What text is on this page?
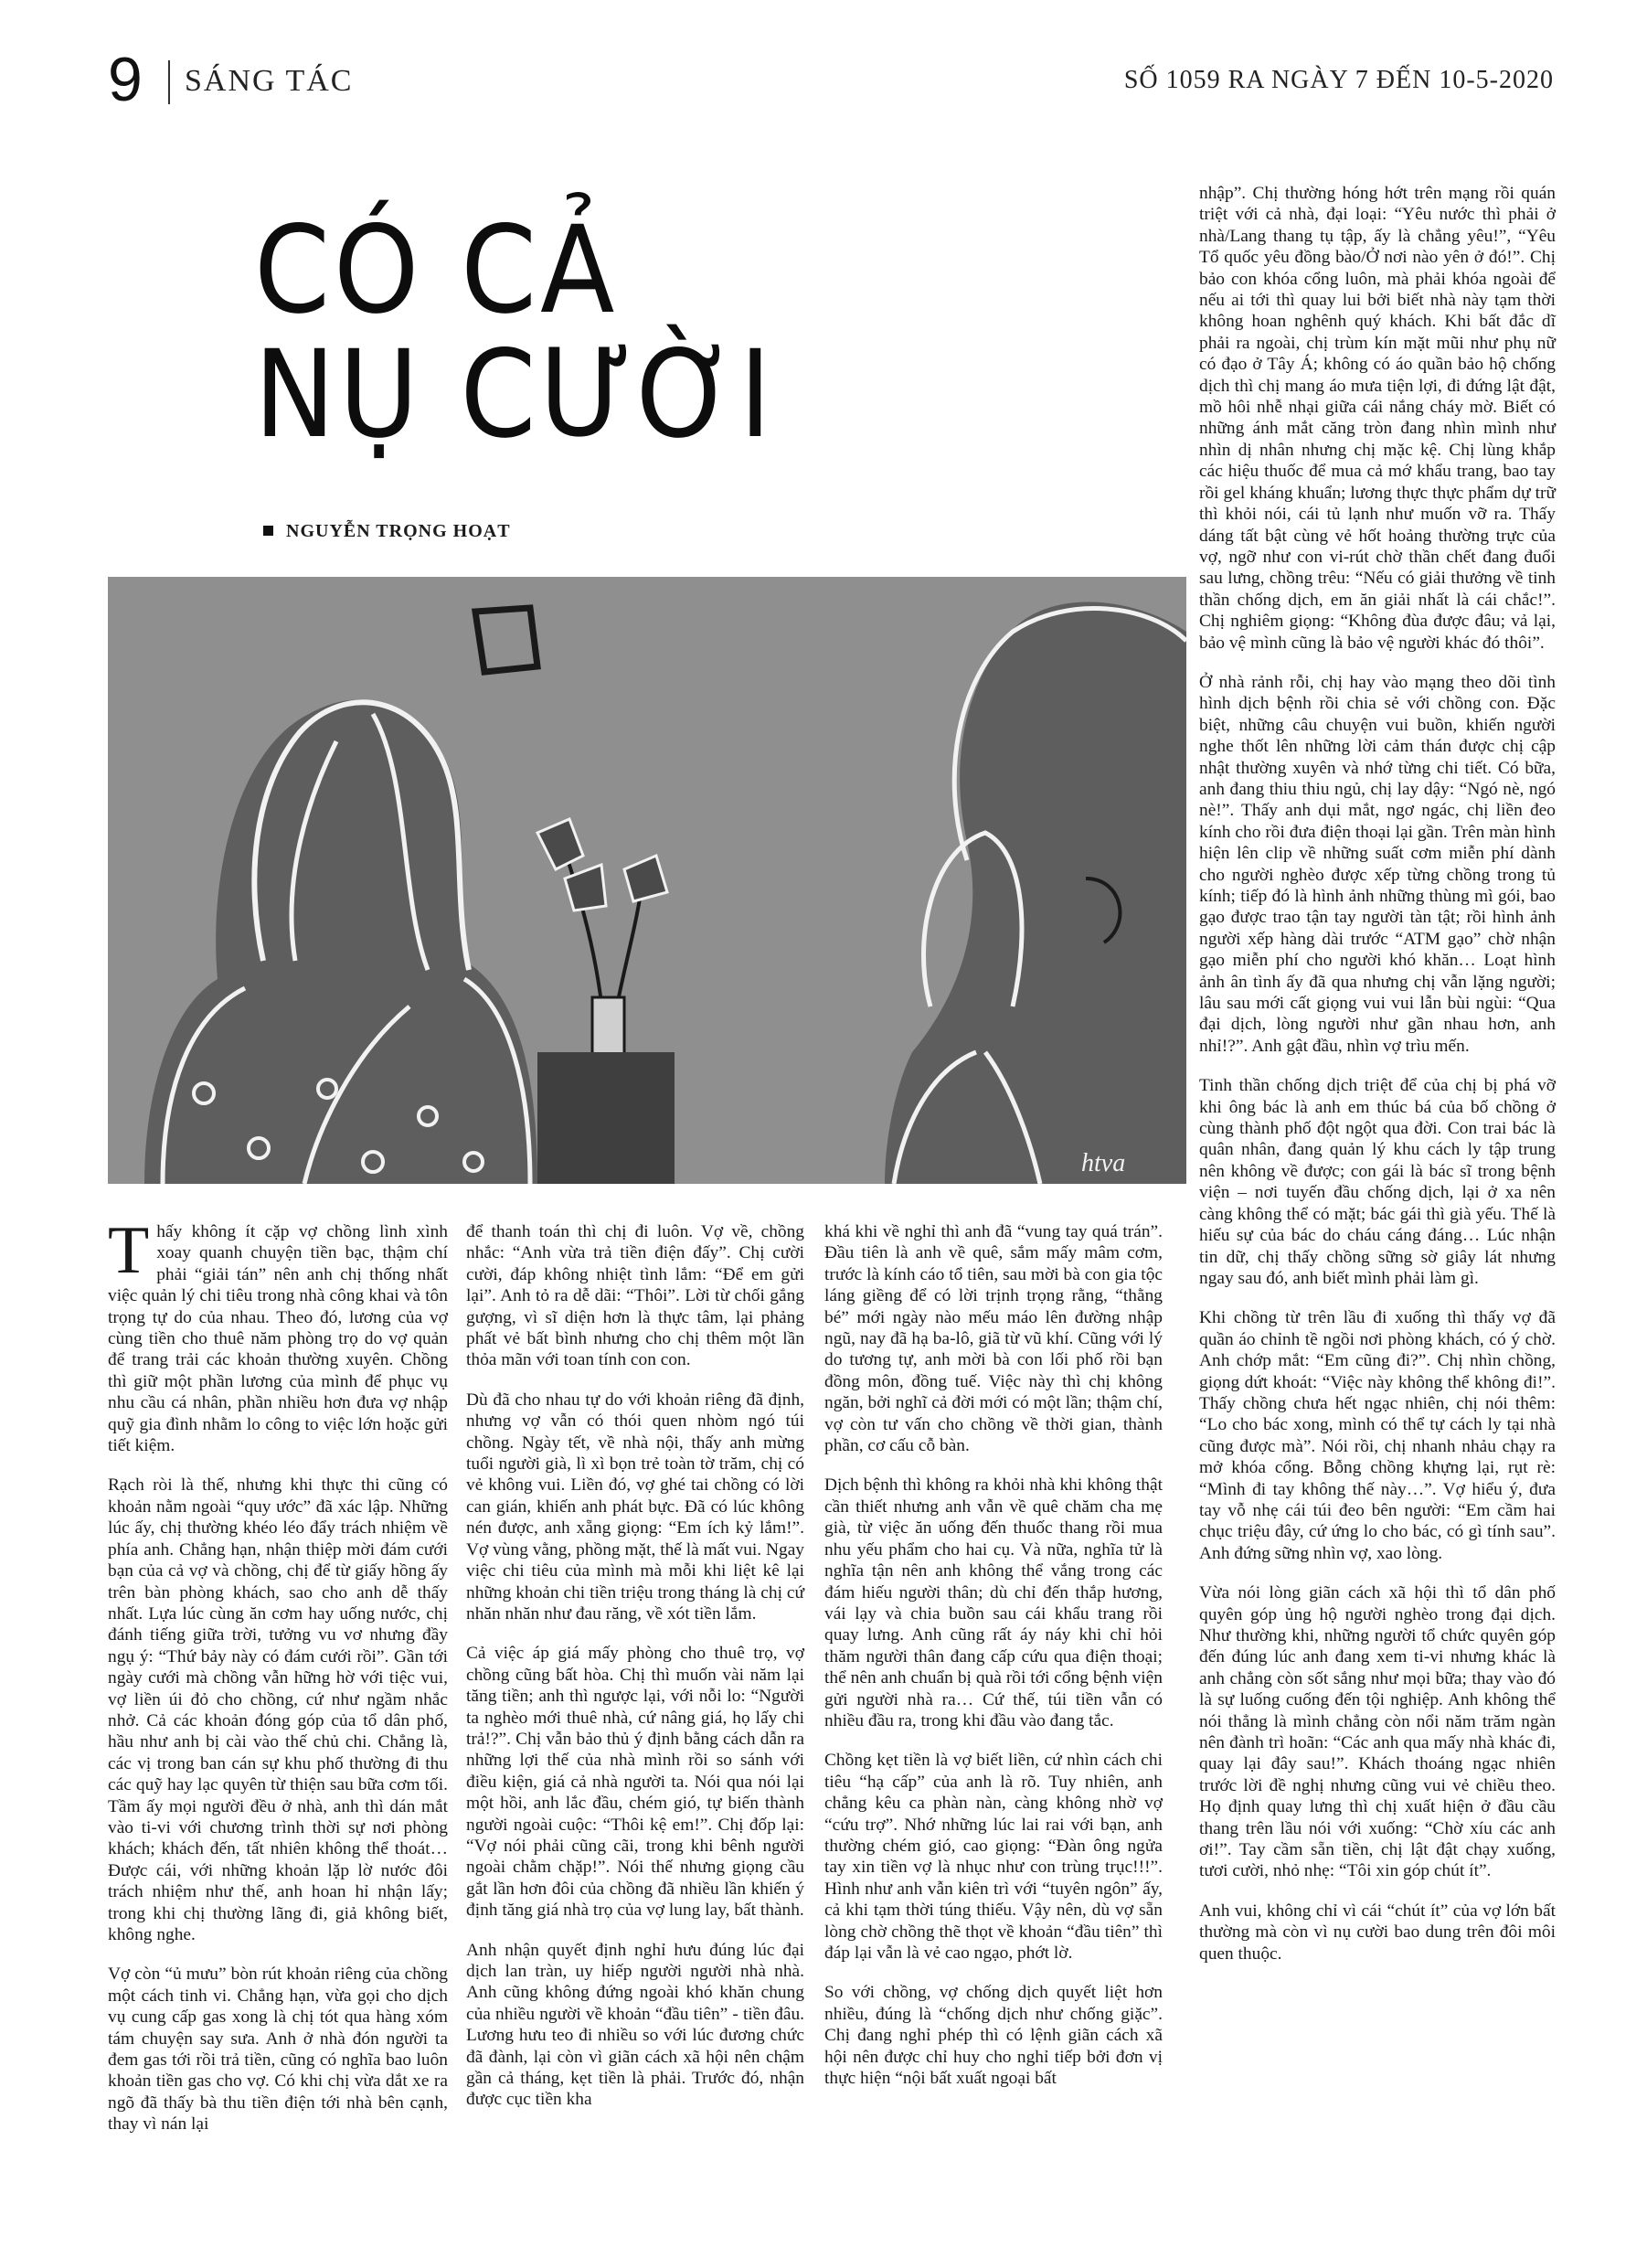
9 SÁNG TÁC	SỐ 1059 RA NGÀY 7 ĐẾN 10-5-2020
CÓ CẢ
NỤ CƯỜI
NGUYỄN TRỌNG HOẠT
htva

Thấy không ít cặp vợ chồng lình xình xoay quanh chuyện tiền bạc, thậm chí phải “giải tán” nên anh chị thống nhất việc quản lý chi tiêu trong nhà công khai và tôn trọng tự do của nhau. Theo đó, lương của vợ cùng tiền cho thuê năm phòng trọ do vợ quản để trang trải các khoản thường xuyên. Chồng thì giữ một phần lương của mình để phục vụ nhu cầu cá nhân, phần nhiều hơn đưa vợ nhập quỹ gia đình nhằm lo công to việc lớn hoặc gửi tiết kiệm.

Rạch ròi là thế, nhưng khi thực thi cũng có khoản nằm ngoài “quy ước” đã xác lập. Những lúc ấy, chị thường khéo léo đẩy trách nhiệm về phía anh. Chẳng hạn, nhận thiệp mời đám cưới bạn của cả vợ và chồng, chị để từ giấy hồng ấy trên bàn phòng khách, sao cho anh dễ thấy nhất. Lựa lúc cùng ăn cơm hay uống nước, chị đánh tiếng giữa trời, tưởng vu vơ nhưng đầy ngụ ý: “Thứ bảy này có đám cưới rồi”. Gần tới ngày cưới mà chồng vẫn hững hờ với tiệc vui, vợ liền úi đỏ cho chồng, cứ như ngầm nhắc nhở. Cả các khoản đóng góp của tổ dân phố, hầu như anh bị cài vào thế chủ chi. Chẳng là, các vị trong ban cán sự khu phố thường đi thu các quỹ hay lạc quyên từ thiện sau bữa cơm tối. Tầm ấy mọi người đều ở nhà, anh thì dán mắt vào ti-vi với chương trình thời sự nơi phòng khách; khách đến, tất nhiên không thể thoát… Được cái, với những khoản lặp lờ nước đôi trách nhiệm như thế, anh hoan hỉ nhận lấy; trong khi chị thường lãng đi, giả không biết, không nghe.

Vợ còn “ủ mưu” bòn rút khoản riêng của chồng một cách tinh vi. Chẳng hạn, vừa gọi cho dịch vụ cung cấp gas xong là chị tót qua hàng xóm tám chuyện say sưa. Anh ở nhà đón người ta đem gas tới rồi trả tiền, cũng có nghĩa bao luôn khoản tiền gas cho vợ. Có khi chị vừa dắt xe ra ngõ đã thấy bà thu tiền điện tới nhà bên cạnh, thay vì nán lại

để thanh toán thì chị đi luôn. Vợ về, chồng nhắc: “Anh vừa trả tiền điện đấy”. Chị cười cười, đáp không nhiệt tình lắm: “Để em gửi lại”. Anh tỏ ra dễ dãi: “Thôi”. Lời từ chối gắng gượng, vì sĩ diện hơn là thực tâm, lại phảng phất vẻ bất bình nhưng cho chị thêm một lần thỏa mãn với toan tính con con.

Dù đã cho nhau tự do với khoản riêng đã định, nhưng vợ vẫn có thói quen nhòm ngó túi chồng. Ngày tết, về nhà nội, thấy anh mừng tuổi người già, lì xì bọn trẻ toàn tờ trăm, chị có vẻ không vui. Liền đó, vợ ghé tai chồng có lời can gián, khiến anh phát bực. Đã có lúc không nén được, anh xẵng giọng: “Em ích kỷ lắm!”. Vợ vùng vằng, phồng mặt, thế là mất vui. Ngay việc chi tiêu của mình mà mỗi khi liệt kê lại những khoản chi tiền triệu trong tháng là chị cứ nhăn nhăn như đau răng, về xót tiền lắm.

Cả việc áp giá mấy phòng cho thuê trọ, vợ chồng cũng bất hòa. Chị thì muốn vài năm lại tăng tiền; anh thì ngược lại, với nỗi lo: “Người ta nghèo mới thuê nhà, cứ nâng giá, họ lấy chi trả!?”. Chị vẫn bảo thủ ý định bằng cách dẫn ra những lợi thế của nhà mình rồi so sánh với điều kiện, giá cả nhà người ta. Nói qua nói lại một hồi, anh lắc đầu, chém gió, tự biến thành người ngoài cuộc: “Thôi kệ em!”. Chị đốp lại: “Vợ nói phải cũng cãi, trong khi bênh người ngoài chằm chặp!”. Nói thế nhưng giọng cầu gắt lần hơn đôi của chồng đã nhiều lần khiến ý định tăng giá nhà trọ của vợ lung lay, bất thành.

Anh nhận quyết định nghỉ hưu đúng lúc đại dịch lan tràn, uy hiếp người người nhà nhà. Anh cũng không đứng ngoài khó khăn chung của nhiều người về khoản “đầu tiên” - tiền đâu. Lương hưu teo đi nhiều so với lúc đương chức đã đành, lại còn vì giãn cách xã hội nên chậm gần cả tháng, kẹt tiền là phải. Trước đó, nhận được cục tiền kha

khá khi về nghỉ thì anh đã “vung tay quá trán”. Đầu tiên là anh về quê, sắm mấy mâm cơm, trước là kính cáo tổ tiên, sau mời bà con gia tộc láng giềng để có lời trịnh trọng rằng, “thằng bé” mới ngày nào mếu máo lên đường nhập ngũ, nay đã hạ ba-lô, giã từ vũ khí. Cũng với lý do tương tự, anh mời bà con lối phố rồi bạn đồng môn, đồng tuế. Việc này thì chị không ngăn, bởi nghĩ cả đời mới có một lần; thậm chí, vợ còn tư vấn cho chồng về thời gian, thành phần, cơ cấu cỗ bàn.

Dịch bệnh thì không ra khỏi nhà khi không thật cần thiết nhưng anh vẫn về quê chăm cha mẹ già, từ việc ăn uống đến thuốc thang rồi mua nhu yếu phẩm cho hai cụ. Và nữa, nghĩa tử là nghĩa tận nên anh không thể vắng trong các đám hiếu người thân; dù chỉ đến thắp hương, vái lạy và chia buồn sau cái khẩu trang rồi quay lưng. Anh cũng rất áy náy khi chỉ hỏi thăm người thân đang cấp cứu qua điện thoại; thể nên anh chuẩn bị quà rồi tới cổng bệnh viện gửi người nhà ra… Cứ thế, túi tiền vẫn có nhiều đầu ra, trong khi đầu vào đang tắc.

Chồng kẹt tiền là vợ biết liền, cứ nhìn cách chi tiêu “hạ cấp” của anh là rõ. Tuy nhiên, anh chẳng kêu ca phàn nàn, càng không nhờ vợ “cứu trợ”. Nhớ những lúc lai rai với bạn, anh thường chém gió, cao giọng: “Đàn ông ngửa tay xin tiền vợ là nhục như con trùng trục!!!”. Hình như anh vẫn kiên trì với “tuyên ngôn” ấy, cả khi tạm thời túng thiếu. Vậy nên, dù vợ sẵn lòng chờ chồng thẽ thọt về khoản “đầu tiên” thì đáp lại vẫn là vẻ cao ngạo, phớt lờ.

So với chồng, vợ chống dịch quyết liệt hơn nhiều, đúng là “chống dịch như chống giặc”. Chị đang nghỉ phép thì có lệnh giãn cách xã hội nên được chỉ huy cho nghỉ tiếp bởi đơn vị thực hiện “nội bất xuất ngoại bất

nhập”. Chị thường hóng hớt trên mạng rồi quán triệt với cả nhà, đại loại: “Yêu nước thì phải ở nhà/Lang thang tụ tập, ấy là chẳng yêu!”, “Yêu Tổ quốc yêu đồng bào/Ở nơi nào yên ở đó!”. Chị bảo con khóa cổng luôn, mà phải khóa ngoài để nếu ai tới thì quay lui bởi biết nhà này tạm thời không hoan nghênh quý khách. Khi bất đắc dĩ phải ra ngoài, chị trùm kín mặt mũi như phụ nữ có đạo ở Tây Á; không có áo quần bảo hộ chống dịch thì chị mang áo mưa tiện lợi, đi đứng lật đật, mồ hôi nhễ nhại giữa cái nắng cháy mờ. Biết có những ánh mắt căng tròn đang nhìn mình như nhìn dị nhân nhưng chị mặc kệ. Chị lùng khắp các hiệu thuốc để mua cả mớ khẩu trang, bao tay rồi gel kháng khuẩn; lương thực thực phẩm dự trữ thì khỏi nói, cái tủ lạnh như muốn vỡ ra. Thấy dáng tất bật cùng vẻ hốt hoảng thường trực của vợ, ngỡ như con vi-rút chờ thần chết đang đuổi sau lưng, chồng trêu: “Nếu có giải thưởng về tinh thần chống dịch, em ăn giải nhất là cái chắc!”. Chị nghiêm giọng: “Không đùa được đâu; vả lại, bảo vệ mình cũng là bảo vệ người khác đó thôi”.

Ở nhà rảnh rỗi, chị hay vào mạng theo dõi tình hình dịch bệnh rồi chia sẻ với chồng con. Đặc biệt, những câu chuyện vui buồn, khiến người nghe thốt lên những lời cảm thán được chị cập nhật thường xuyên và nhớ từng chi tiết. Có bữa, anh đang thiu thiu ngủ, chị lay dậy: “Ngó nè, ngó nè!”. Thấy anh dụi mắt, ngơ ngác, chị liền đeo kính cho rồi đưa điện thoại lại gần. Trên màn hình hiện lên clip về những suất cơm miễn phí dành cho người nghèo được xếp từng chồng trong tủ kính; tiếp đó là hình ảnh những thùng mì gói, bao gạo được trao tận tay người tàn tật; rồi hình ảnh người xếp hàng dài trước “ATM gạo” chờ nhận gạo miễn phí cho người khó khăn… Loạt hình ảnh ân tình ấy đã qua nhưng chị vẫn lặng người; lâu sau mới cất giọng vui vui lẫn bùi ngùi: “Qua đại dịch, lòng người như gần nhau hơn, anh nhỉ!?”. Anh gật đầu, nhìn vợ trìu mến.

Tinh thần chống dịch triệt để của chị bị phá vỡ khi ông bác là anh em thúc bá của bố chồng ở cùng thành phố đột ngột qua đời. Con trai bác là quân nhân, đang quản lý khu cách ly tập trung nên không về được; con gái là bác sĩ trong bệnh viện – nơi tuyến đầu chống dịch, lại ở xa nên càng không thể có mặt; bác gái thì già yếu. Thế là hiếu sự của bác do cháu cáng đáng… Lúc nhận tin dữ, chị thấy chồng sững sờ giây lát nhưng ngay sau đó, anh biết mình phải làm gì.

Khi chồng từ trên lầu đi xuống thì thấy vợ đã quần áo chỉnh tề ngồi nơi phòng khách, có ý chờ. Anh chớp mắt: “Em cũng đi?”. Chị nhìn chồng, giọng dứt khoát: “Việc này không thể không đi!”. Thấy chồng chưa hết ngạc nhiên, chị nói thêm: “Lo cho bác xong, mình có thể tự cách ly tại nhà cũng được mà”. Nói rồi, chị nhanh nhảu chạy ra mở khóa cổng. Bỗng chồng khựng lại, rụt rè: “Mình đi tay không thế này…”. Vợ hiểu ý, đưa tay vỗ nhẹ cái túi đeo bên người: “Em cầm hai chục triệu đây, cứ ứng lo cho bác, có gì tính sau”. Anh đứng sững nhìn vợ, xao lòng.

Vừa nói lòng giãn cách xã hội thì tổ dân phố quyên góp ủng hộ người nghèo trong đại dịch. Như thường khi, những người tổ chức quyên góp đến đúng lúc anh đang xem ti-vi nhưng khác là anh chẳng còn sốt sắng như mọi bữa; thay vào đó là sự luống cuống đến tội nghiệp. Anh không thể nói thẳng là mình chẳng còn nổi năm trăm ngàn nên đành trì hoãn: “Các anh qua mấy nhà khác đi, quay lại đây sau!”. Khách thoáng ngạc nhiên trước lời đề nghị nhưng cũng vui vẻ chiều theo. Họ định quay lưng thì chị xuất hiện ở đầu cầu thang trên lầu nói với xuống: “Chờ xíu các anh ơi!”. Tay cầm sẵn tiền, chị lật đật chạy xuống, tươi cười, nhỏ nhẹ: “Tôi xin góp chút ít”.

Anh vui, không chỉ vì cái “chút ít” của vợ lớn bất thường mà còn vì nụ cười bao dung trên đôi môi quen thuộc.
